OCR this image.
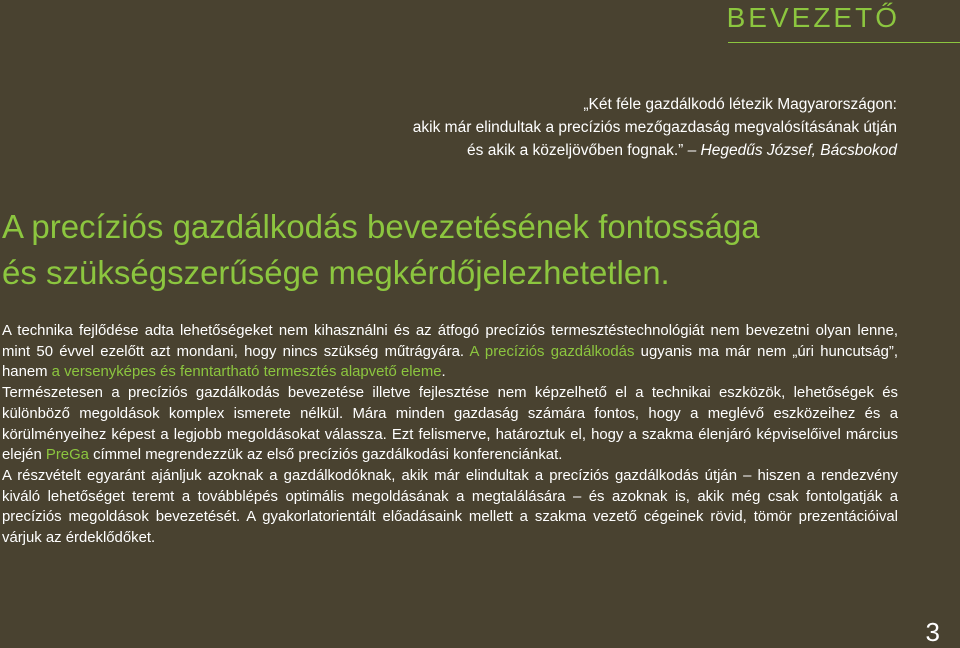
BEVEZETŐ
„Két féle gazdálkodó létezik Magyarországon:
akik már elindultak a precíziós mezőgazdaság megvalósításának útján
és akik a közeljövőben fognak.” – Hegedűs József, Bácsbokod
A precíziós gazdálkodás bevezetésének fontossága
és szükségszerűsége megkérdőjelezhetetlen.

A technika fejlődése adta lehetőségeket nem kihasználni és az átfogó precíziós termesztéstechnológiát nem bevezetni olyan lenne, mint 50 évvel ezelőtt azt mondani, hogy nincs szükség műtrágyára. A precíziós gazdálkodás ugyanis ma már nem „úri huncutság”, hanem a versenyképes és fenntartható termesztés alapvető eleme.

Természetesen a precíziós gazdálkodás bevezetése illetve fejlesztése nem képzelhető el a technikai eszközök, lehetőségek és különböző megoldások komplex ismerete nélkül. Mára minden gazdaság számára fontos, hogy a meglévő eszközeihez és a körülményeihez képest a legjobb megoldásokat válassza. Ezt felismerve, határoztuk el, hogy a szakma élenjáró képviselőivel március elején PreGa címmel megrendezzük az első precíziós gazdálkodási konferenciánkat.

A részvételt egyaránt ajánljuk azoknak a gazdálkodóknak, akik már elindultak a precíziós gazdálkodás útján – hiszen a rendezvény kiváló lehetőséget teremt a továbblépés optimális megoldásának a megtalálására – és azoknak is, akik még csak fontolgatják a precíziós megoldások bevezetését. A gyakorlatorientált előadásaink mellett a szakma vezető cégeinek rövid, tömör prezentációival várjuk az érdeklődőket.

3
